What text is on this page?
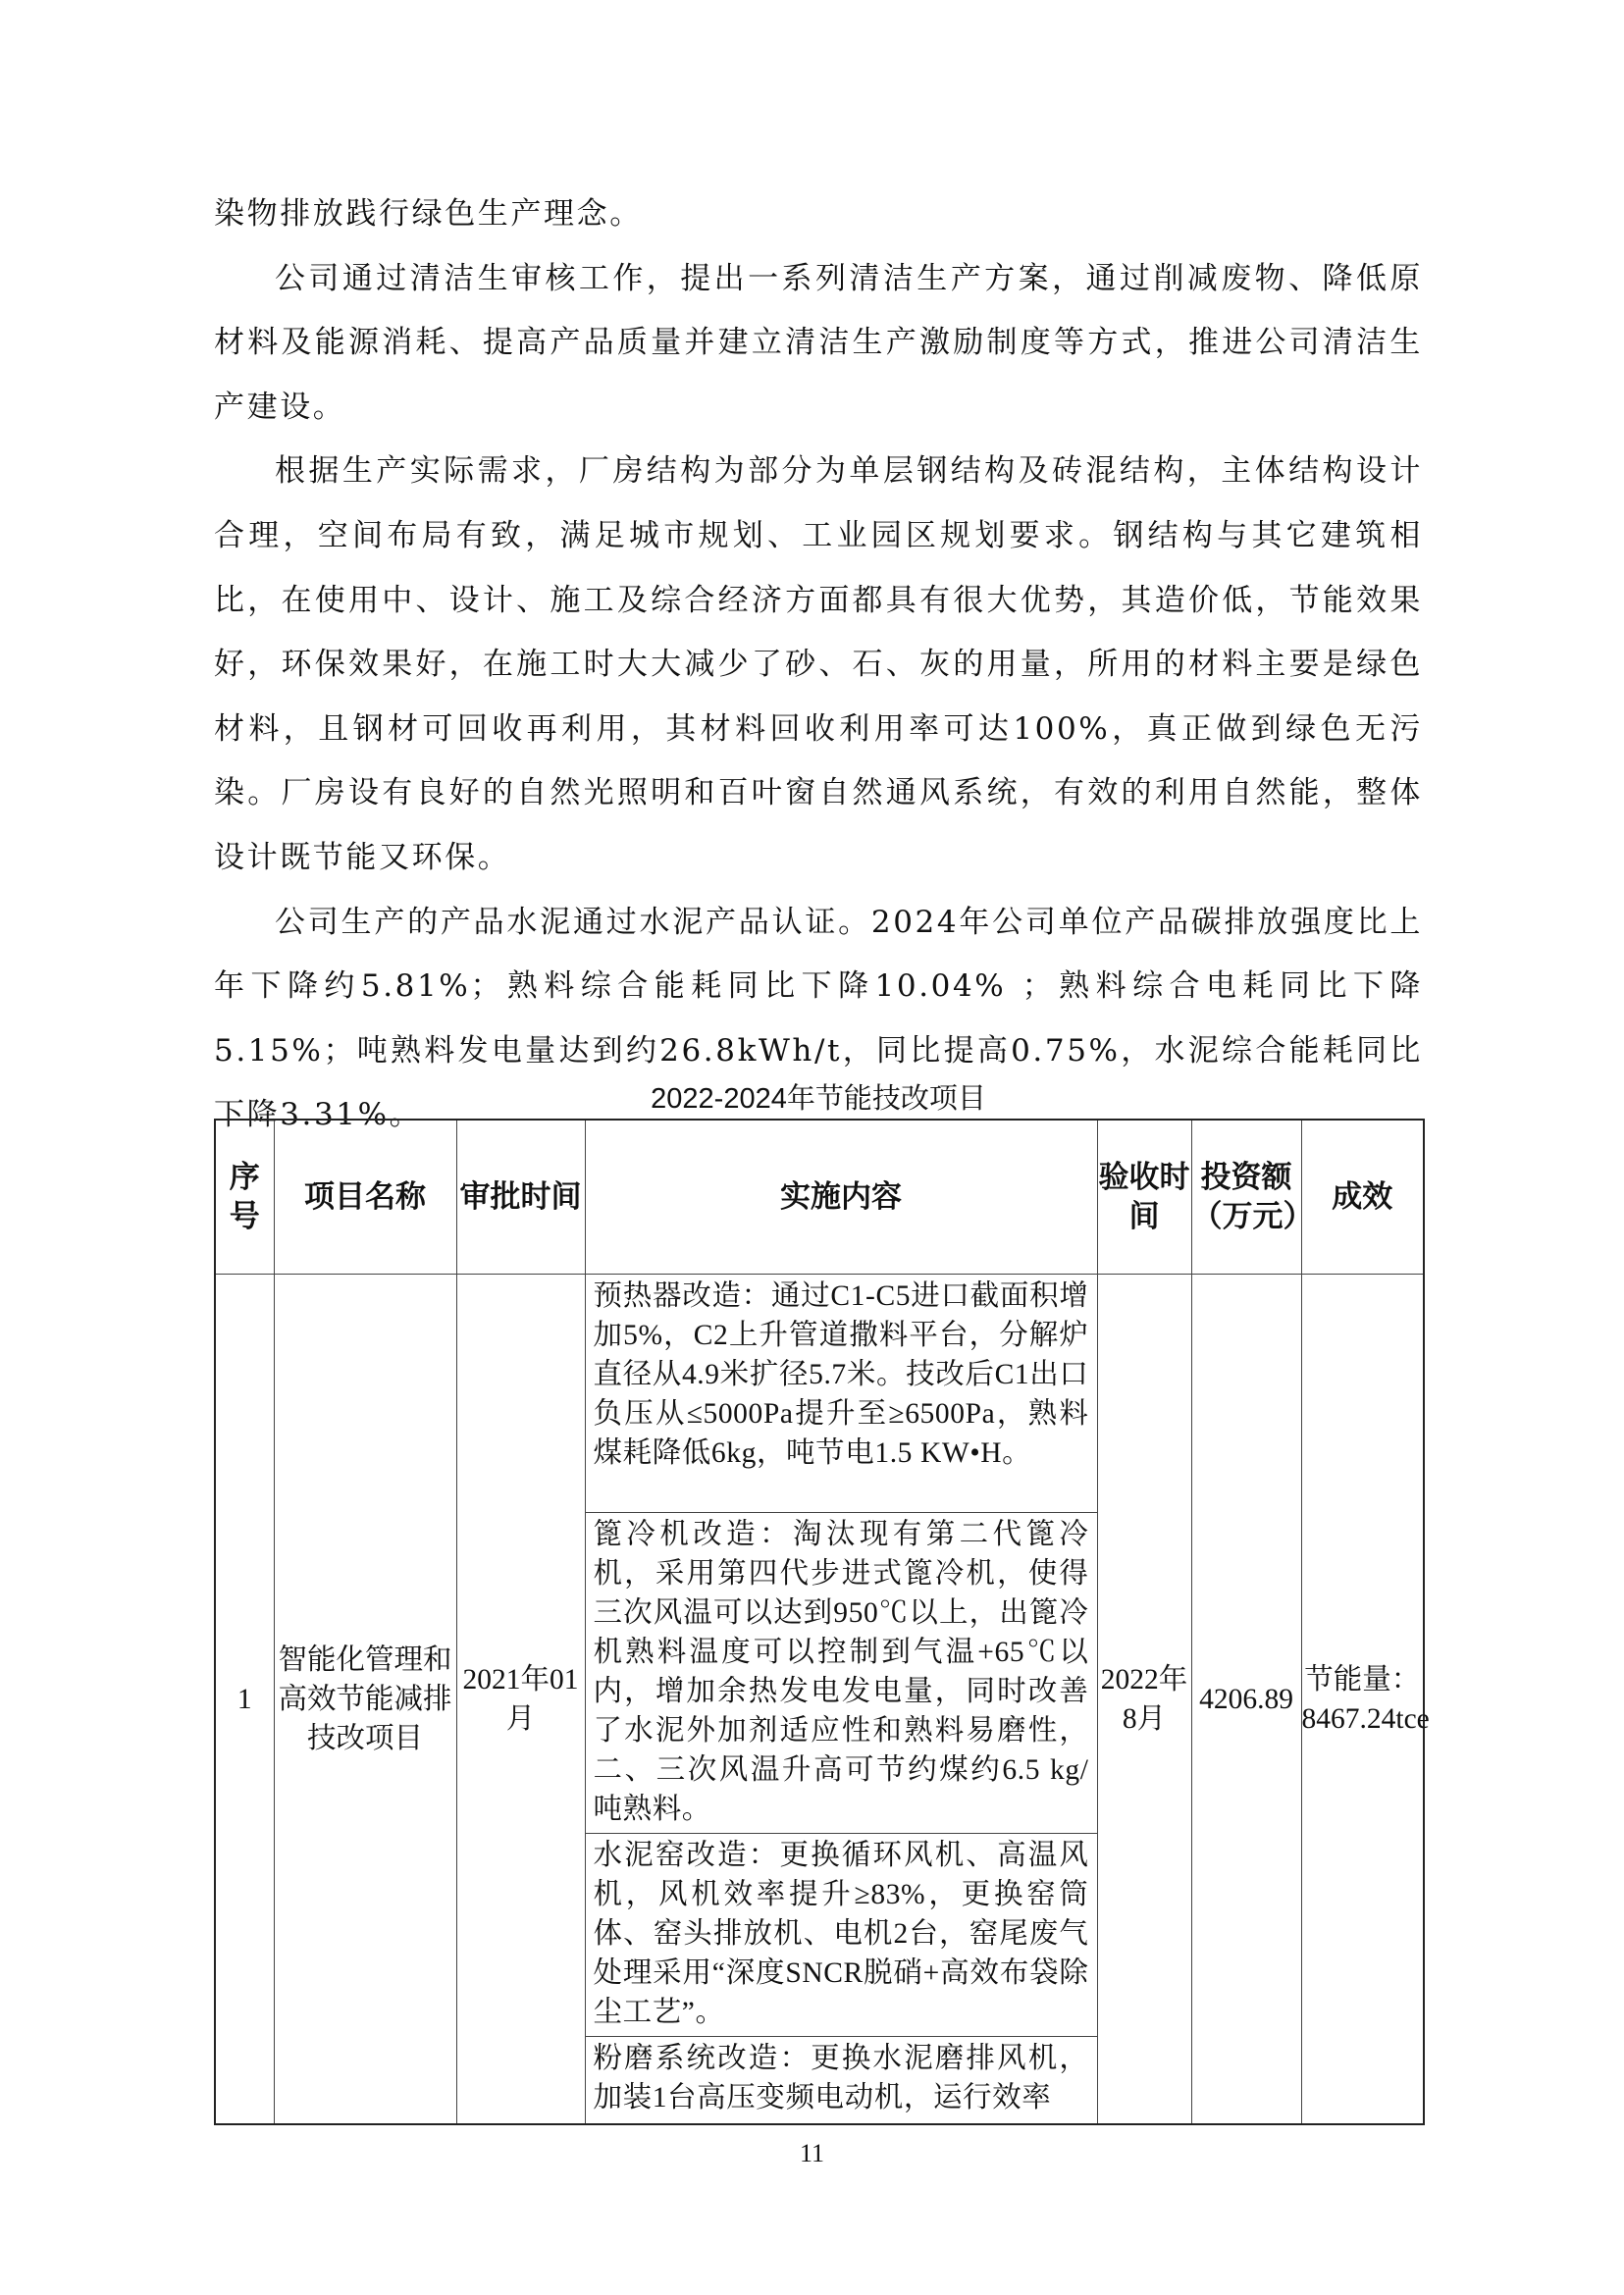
染物排放践行绿色生产理念。

公司通过清洁生审核工作，提出一系列清洁生产方案，通过削减废物、降低原材料及能源消耗、提高产品质量并建立清洁生产激励制度等方式，推进公司清洁生产建设。

根据生产实际需求，厂房结构为部分为单层钢结构及砖混结构，主体结构设计合理，空间布局有致，满足城市规划、工业园区规划要求。钢结构与其它建筑相比，在使用中、设计、施工及综合经济方面都具有很大优势，其造价低，节能效果好，环保效果好，在施工时大大减少了砂、石、灰的用量，所用的材料主要是绿色材料，且钢材可回收再利用，其材料回收利用率可达100%，真正做到绿色无污染。厂房设有良好的自然光照明和百叶窗自然通风系统，有效的利用自然能，整体设计既节能又环保。

公司生产的产品水泥通过水泥产品认证。2024年公司单位产品碳排放强度比上年下降约5.81%；熟料综合能耗同比下降10.04% ；熟料综合电耗同比下降5.15%；吨熟料发电量达到约26.8kWh/t，同比提高0.75%，水泥综合能耗同比下降3.31%。	2022-2024年节能技改项目
序号	项目名称	审批时间	实施内容	验收时间	投资额（万元）	成效
1	智能化管理和高效节能减排技改项目	2021年01月	预热器改造：通过C1-C5进口截面积增加5%，C2上升管道撒料平台，分解炉直径从4.9米扩径5.7米。技改后C1出口负压从≤5000Pa提升至≥6500Pa，熟料煤耗降低6kg，吨节电1.5 KW•H。	2022年8月	4206.89	节能量：8467.24tce
			篦冷机改造：淘汰现有第二代篦冷机，采用第四代步进式篦冷机，使得三次风温可以达到950℃以上，出篦冷机熟料温度可以控制到气温+65℃以内，增加余热发电发电量，同时改善了水泥外加剂适应性和熟料易磨性，二、三次风温升高可节约煤约6.5 kg/吨熟料。			
			水泥窑改造：更换循环风机、高温风机，风机效率提升≥83%，更换窑筒体、窑头排放机、电机2台，窑尾废气处理采用“深度SNCR脱硝+高效布袋除尘工艺”。			
			粉磨系统改造：更换水泥磨排风机，加装1台高压变频电动机，运行效率			
11
